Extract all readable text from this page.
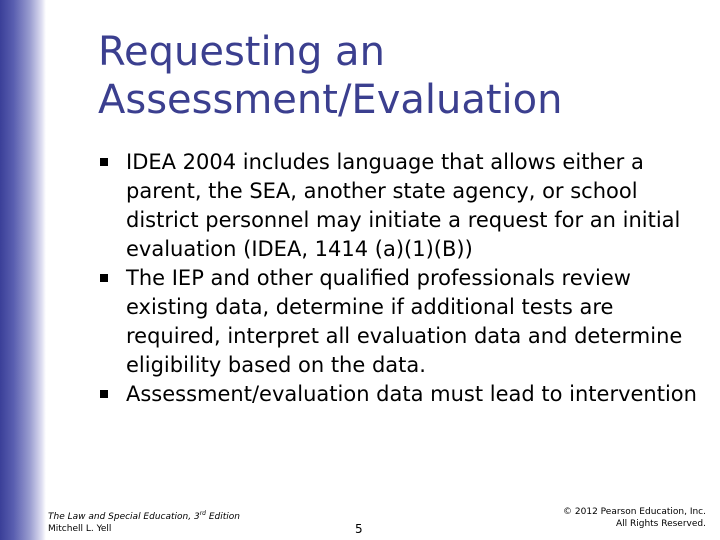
Requesting an
Assessment/Evaluation
IDEA 2004 includes language that allows either a parent, the SEA, another state agency, or school district personnel may initiate a request for an initial evaluation (IDEA, 1414 (a)(1)(B))
The IEP and other qualified professionals review existing data, determine if additional tests are required, interpret all evaluation data and determine eligibility based on the data.
Assessment/evaluation data must lead to intervention
The Law and Special Education, 3rd Edition
Mitchell L. Yell	5
© 2012 Pearson Education, Inc.
All Rights Reserved.
